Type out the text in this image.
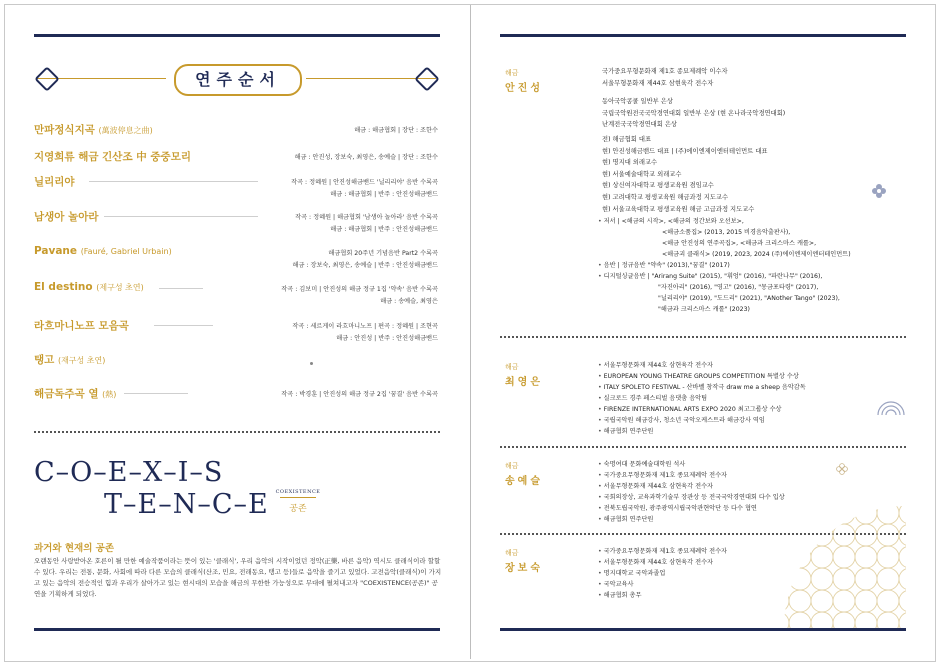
연주순서
만파정식지곡 (萬波停息之曲)	해금 : 해금협회 | 장단 : 조한수
지영희류 해금 긴산조 中 중중모리	해금 : 안진성, 장보숙, 최영은, 송예슬 | 장단 : 조한수
닐리리야	작곡 : 정혜원 | 안진성해금밴드 '닐리리야' 음반 수록곡
해금 : 해금협회 | 반주 : 안진성해금밴드
남생아 놀아라	작곡 : 정혜원 | 해금협회 '남생아 놀아라' 음반 수록곡
해금 : 해금협회 | 반주 : 안진성해금밴드
Pavane (Fauré, Gabriel Urbain)	해금협회 20주년 기념음반 Part2 수록곡
해금 : 장보숙, 최영은, 송예슬 | 반주 : 안진성해금밴드
El destino (제구성 초연)	작곡 : 김보미 | 안진성의 해금 정규 1집 '약속' 음반 수록곡
해금 : 송예슬, 최영은
라흐마니노프 모음곡	작곡 : 세르게이 라흐마니노프 | 편곡 : 정혜원 | 조현곡
해금 : 안진성 | 반주 : 안진성해금밴드
탱고 (재구성 초연)
해금독주곡 열 (熱)	작곡 : 박경훈 | 안진성의 해금 정규 2집 '꿈결' 음반 수록곡
C–O–E–X–I–S
T–E–N–C–E	COEXISTENCE
공존
과거와 현재의 공존
오랜동안 사랑받아온 호른이 될 만한 예술작품이라는 뜻이 있는 '클래식', 우리 음악의 시작이었던 정악(正樂, 바른 음악) 역시도 클래식이라 할할 수 있다. 우리는 전통, 문화, 사회에 따라 다른 모습의 클래식(산조, 민요, 전래동요, 탱고 등)들로 음악을 즐기고 있었다. 고전음악(클래식)이 가지고 있는 음악의 전승적인 힘과 우리가 살아가고 있는 현시대의 모습을 해금의 무한한 가능성으로 무대에 펼쳐내고자 "COEXISTENCE(공존)" 공연을 기획하게 되었다.
해금
안진성
국가중요무형문화재 제1호 종묘제례악 이수자
서울무형문화재 제44호 삼현육각 전수자
동아국악콩쿨 일반부 은상
국립국악원전국국악경연대회 일반부 은상 (현 온나라국악경연대회)
난계전국국악경연대회 은상
전) 해금협회 대표
현) 안진성해금밴드 대표 | (주)에이엔제이엔터테인먼트 대표
현) 명지대 외래교수
현) 서울예술대학교 외래교수
현) 상신여자대학교 평생교육원 겸임교수
현) 고려대학교 평생교육원 해금과정 지도교수
현) 서울교육대학교 평생교육원 해금 고급과정 지도교수
• 저서 | <해금의 시작>, <해금의 정간보와 오선보>,
<해금소품집> (2013, 2015 비경음악출판사),
<해금 안진성의 연주곡집>, <해금과 크리스마스 캐롤>,
<해금괴 클래식> (2019, 2023, 2024 (주)에이엔제이엔터테인먼트)
• 음반 | 정규음반 "약속" (2013),"꿈결" (2017)
• 디지털싱글음반 | "Arirang Suite" (2015), "휘엉" (2016), "파란나무" (2016),
"자진아리" (2016), "영고" (2016), "몽금포타령" (2017),
"닐리리야" (2019), "도드리" (2021), "ANother Tango" (2023),
"해금과 크리스마스 캐롤" (2023)
해금
최영은
• 서울무형문화재 제44호 삼현육각 전수자
• EUROPEAN YOUNG THEATRE GROUPS COMPETITION 특별상 수상
• ITALY SPOLETO FESTIVAL - 산바벨 창작극 draw me a sheep 음악감독
• 실크로드 경주 페스티벌 음댓춤 음악팀
• FIRENZE INTERNATIONAL ARTS EXPO 2020 최고그룹상 수상
• 국립국악원 해금강사, 청소년 국악오케스트라 해금강사 역임
• 해금협회 연주단원
해금
송예슬
• 숙명여대 문화예술대학원 석사
• 국가중요무형문화재 제1호 종묘제례악 전수자
• 서울무형문화재 제44호 삼현육각 전수자
• 국회의장상, 교육과학기술부 장관상 등 전국국악경연대회 다수 입상
• 전북도립국악원, 광주광역시립국악관현악단 등 다수 협연
• 해금협회 연주단원
해금
장보숙
• 국가중요무형문화재 제1호 종묘제례악 전수자
• 서울무형문화재 제44호 삼현육각 전수자
• 명지대학교 국악과졸업
• 국악교육사
• 해금협회 총무
